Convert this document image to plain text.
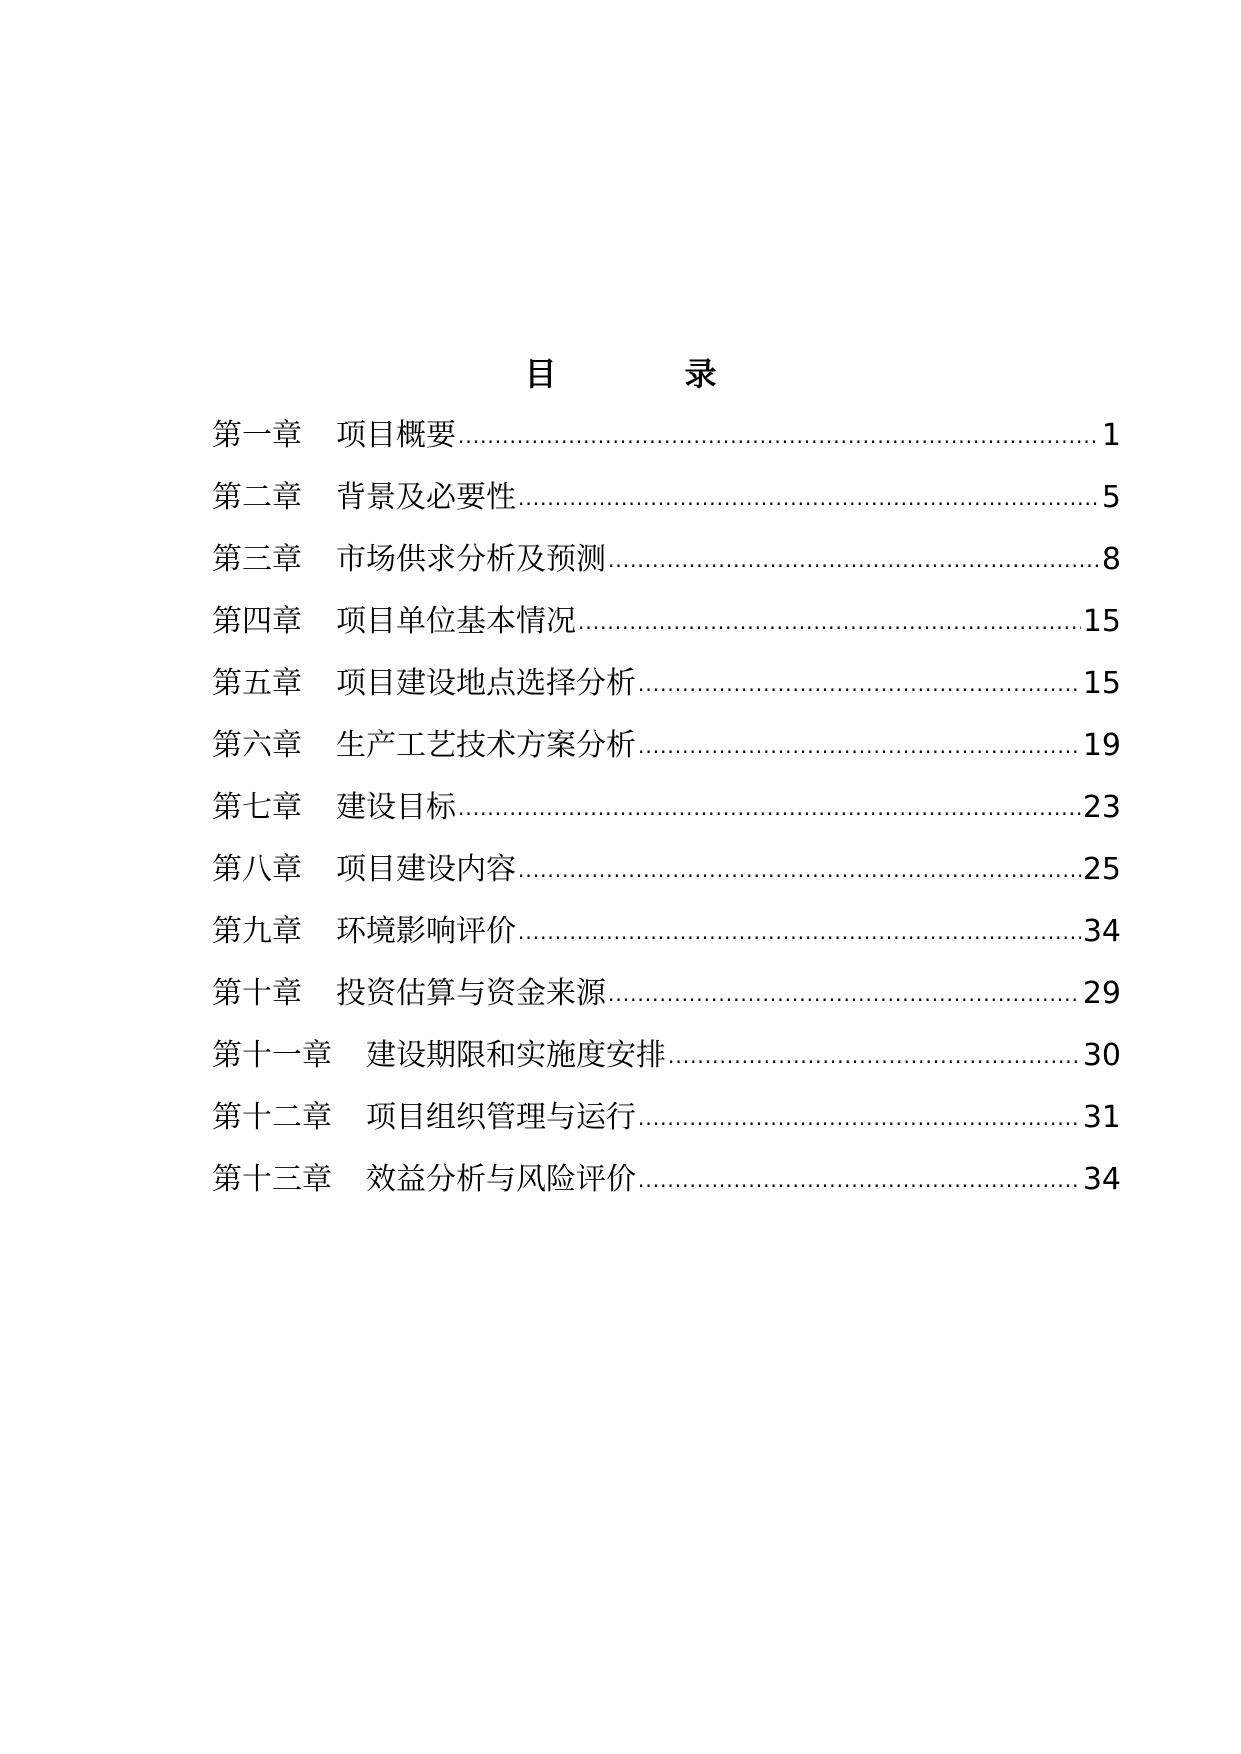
目　录
第一章 项目概要 .....	1
第二章 背景及必要性 .....	5
第三章 市场供求分析及预测 .....	8
第四章 项目单位基本情况 .....	15
第五章 项目建设地点选择分析 .....	15
第六章 生产工艺技术方案分析 .....	19
第七章 建设目标 .....	23
第八章 项目建设内容 .....	25
第九章 环境影响评价 .....	34
第十章 投资估算与资金来源 .....	29
第十一章 建设期限和实施度安排 .....	30
第十二章 项目组织管理与运行 .....	31
第十三章 效益分析与风险评价 .....	34
